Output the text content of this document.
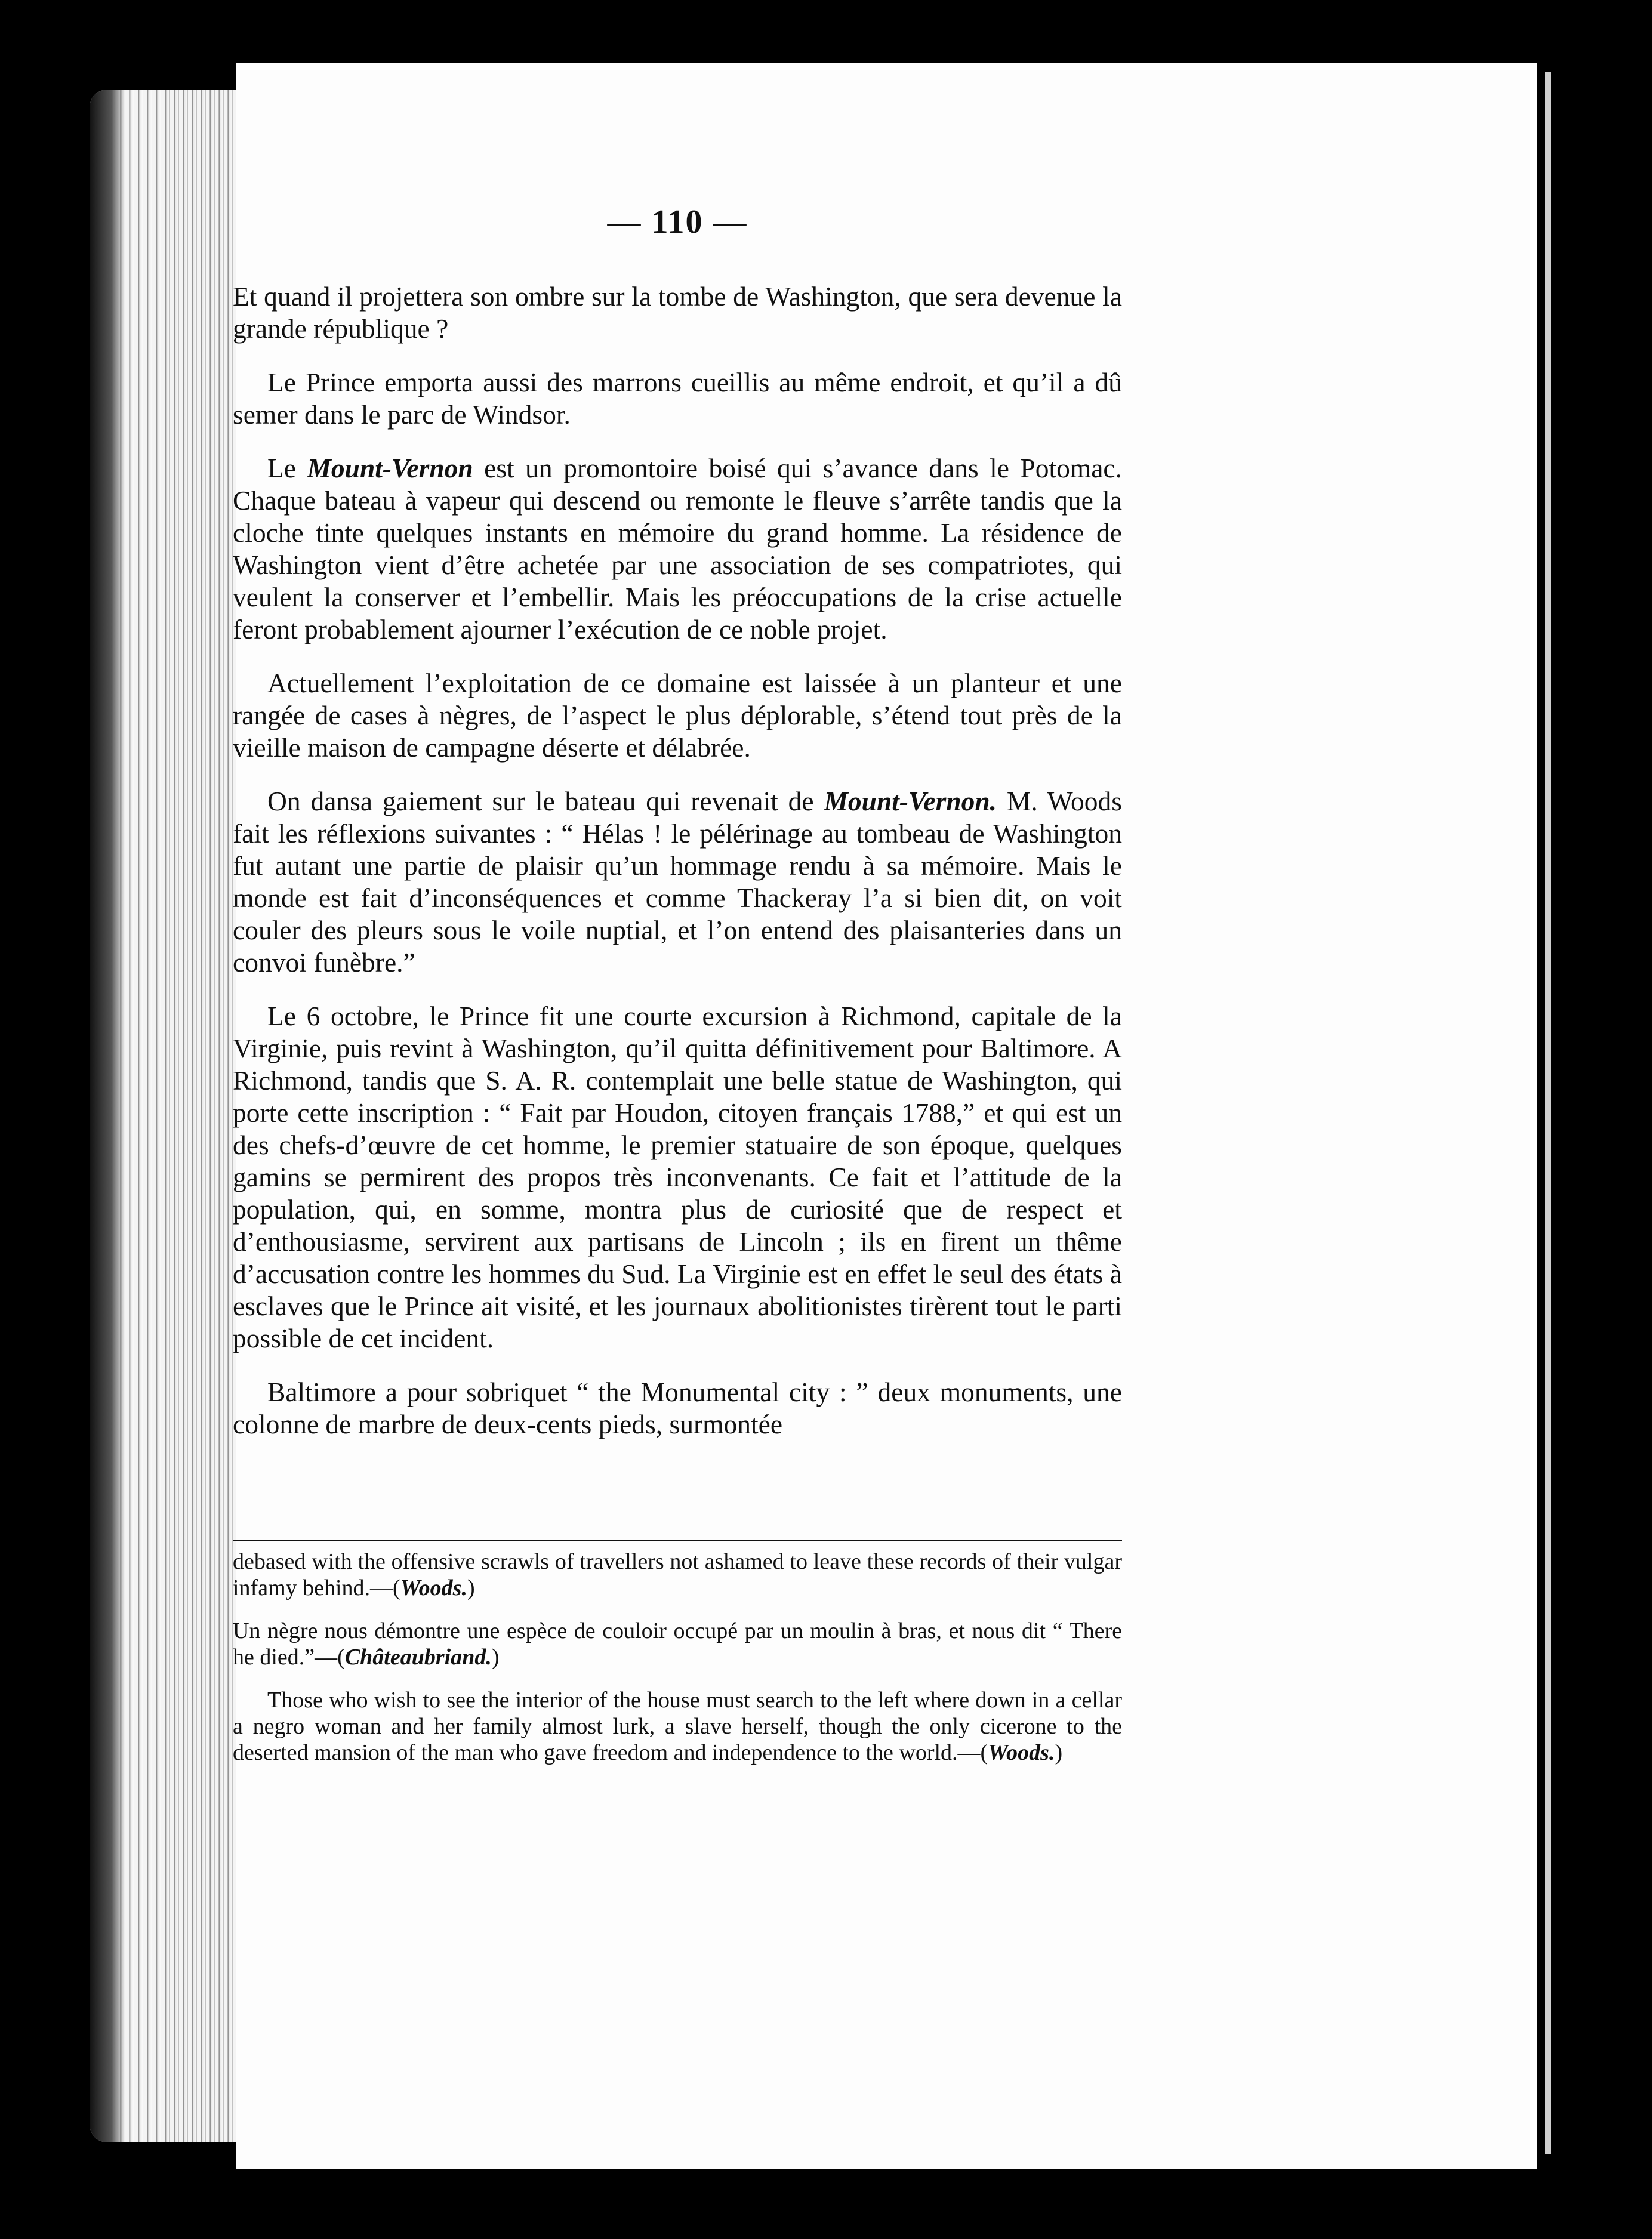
— 110 —

Et quand il projettera son ombre sur la tombe de Washington, que sera devenue la grande république ?

Le Prince emporta aussi des marrons cueillis au même endroit, et qu’il a dû semer dans le parc de Windsor.

Le Mount-Vernon est un promontoire boisé qui s’avance dans le Potomac. Chaque bateau à vapeur qui descend ou remonte le fleuve s’arrête tandis que la cloche tinte quelques instants en mémoire du grand homme. La résidence de Washington vient d’être achetée par une association de ses compatriotes, qui veulent la conserver et l’embellir. Mais les préoccupations de la crise actuelle feront probablement ajourner l’exécution de ce noble projet.

Actuellement l’exploitation de ce domaine est laissée à un planteur et une rangée de cases à nègres, de l’aspect le plus déplorable, s’étend tout près de la vieille maison de campagne déserte et délabrée.

On dansa gaiement sur le bateau qui revenait de Mount-Vernon. M. Woods fait les réflexions suivantes : “ Hélas ! le pélérinage au tombeau de Washington fut autant une partie de plaisir qu’un hommage rendu à sa mémoire. Mais le monde est fait d’inconséquences et comme Thackeray l’a si bien dit, on voit couler des pleurs sous le voile nuptial, et l’on entend des plaisanteries dans un convoi funèbre.”

Le 6 octobre, le Prince fit une courte excursion à Richmond, capitale de la Virginie, puis revint à Washington, qu’il quitta définitivement pour Baltimore. A Richmond, tandis que S. A. R. contemplait une belle statue de Washington, qui porte cette inscription : “ Fait par Houdon, citoyen français 1788,” et qui est un des chefs-d’œuvre de cet homme, le premier statuaire de son époque, quelques gamins se permirent des propos très inconvenants. Ce fait et l’attitude de la population, qui, en somme, montra plus de curiosité que de respect et d’enthousiasme, servirent aux partisans de Lincoln ; ils en firent un thême d’accusation contre les hommes du Sud. La Virginie est en effet le seul des états à esclaves que le Prince ait visité, et les journaux abolitionistes tirèrent tout le parti possible de cet incident.

Baltimore a pour sobriquet “ the Monumental city : ” deux monuments, une colonne de marbre de deux-cents pieds, surmontée

debased with the offensive scrawls of travellers not ashamed to leave these records of their vulgar infamy behind.—(Woods.)

Un nègre nous démontre une espèce de couloir occupé par un moulin à bras, et nous dit “ There he died.”—(Châteaubriand.)

Those who wish to see the interior of the house must search to the left where down in a cellar a negro woman and her family almost lurk, a slave herself, though the only cicerone to the deserted mansion of the man who gave freedom and independence to the world.—(Woods.)
